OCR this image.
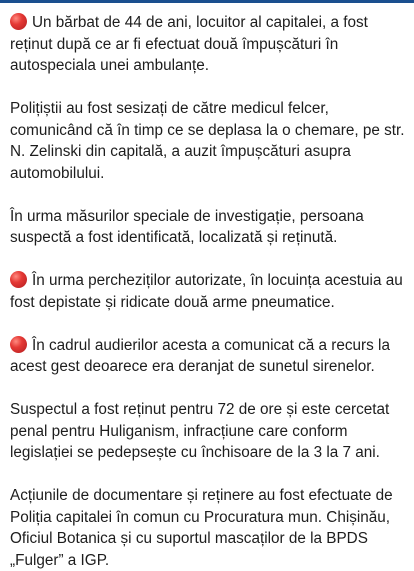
Un bărbat de 44 de ani, locuitor al capitalei, a fost reținut după ce ar fi efectuat două împușcături în autospeciala unei ambulanțe.

Polițiștii au fost sesizați de către medicul felcer, comunicând că în timp ce se deplasa la o chemare, pe str. N. Zelinski din capitală, a auzit împușcături asupra automobilului.

În urma măsurilor speciale de investigație, persoana suspectă a fost identificată, localizată și reținută.

În urma percheziților autorizate, în locuința acestuia au fost depistate și ridicate două arme pneumatice.

În cadrul audierilor acesta a comunicat că a recurs la acest gest deoarece era deranjat de sunetul sirenelor.

Suspectul a fost reținut pentru 72 de ore și este cercetat penal pentru Huliganism, infracțiune care conform legislației se pedepsește cu închisoare de la 3 la 7 ani.

Acțiunile de documentare și reținere au fost efectuate de Poliția capitalei în comun cu Procuratura mun. Chișinău, Oficiul Botanica și cu suportul mascaților de la BPDS „Fulger” a IGP.
